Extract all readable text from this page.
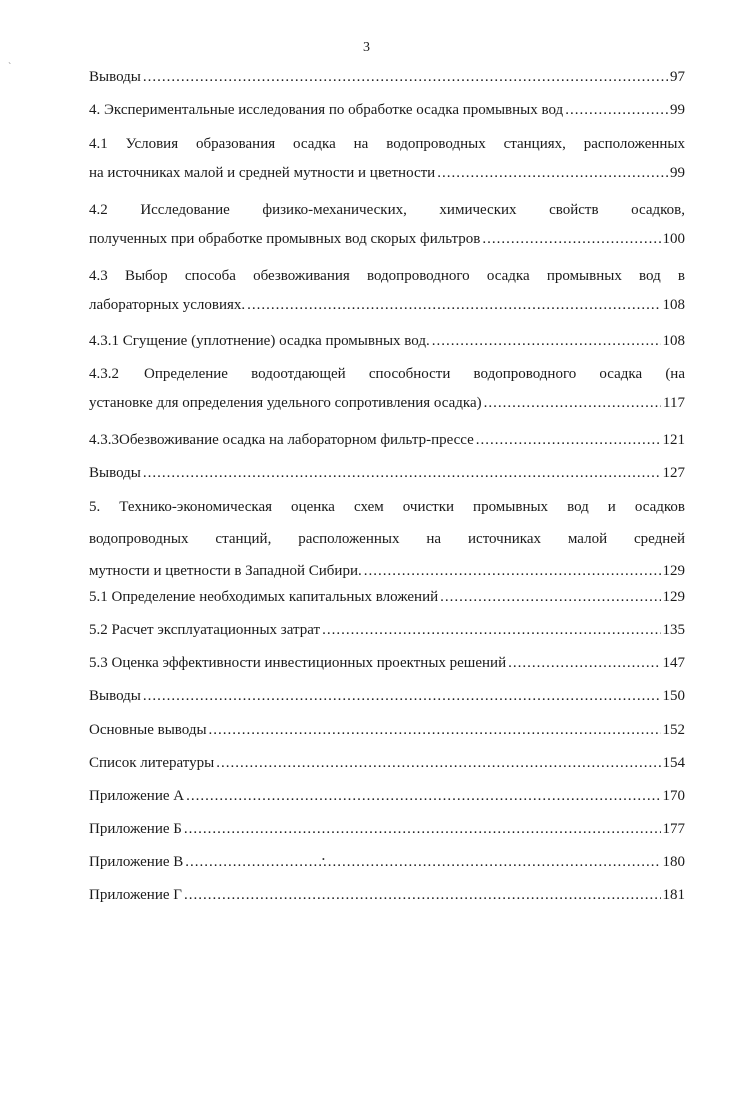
3
Выводы .....	97
4. Экспериментальные исследования по обработке осадка промывных вод .....	99
4.1 Условия образования осадка на водопроводных станциях, расположенных
на источниках малой и средней мутности и цветности .....	99
4.2 Исследование физико-механических, химических свойств осадков,
полученных при обработке промывных вод скорых фильтров .....	100
4.3 Выбор способа обезвоживания водопроводного осадка промывных вод в
лабораторных условиях. .....	108
4.3.1 Сгущение (уплотнение) осадка промывных вод. .....	108
4.3.2	Определение водоотдающей способности водопроводного осадка (на
установке для определения удельного сопротивления осадка) .....	117
4.3.3 Обезвоживание осадка на лабораторном фильтр-прессе .....	121
Выводы .....	127
5. Технико-экономическая оценка схем очистки промывных вод и осадков
водопроводных станций, расположенных на источниках малой средней
мутности и цветности в Западной Сибири. .....	129
5.1 Определение необходимых капитальных вложений .....	129
5.2 Расчет эксплуатационных затрат .....	135
5.3 Оценка эффективности инвестиционных проектных решений .....	147
Выводы .....	150
Основные выводы .....	152
Список литературы .....	154
Приложение А .....	170
Приложение Б .....	177
Приложение В .....	180
Приложение Г .....	181
`
•
